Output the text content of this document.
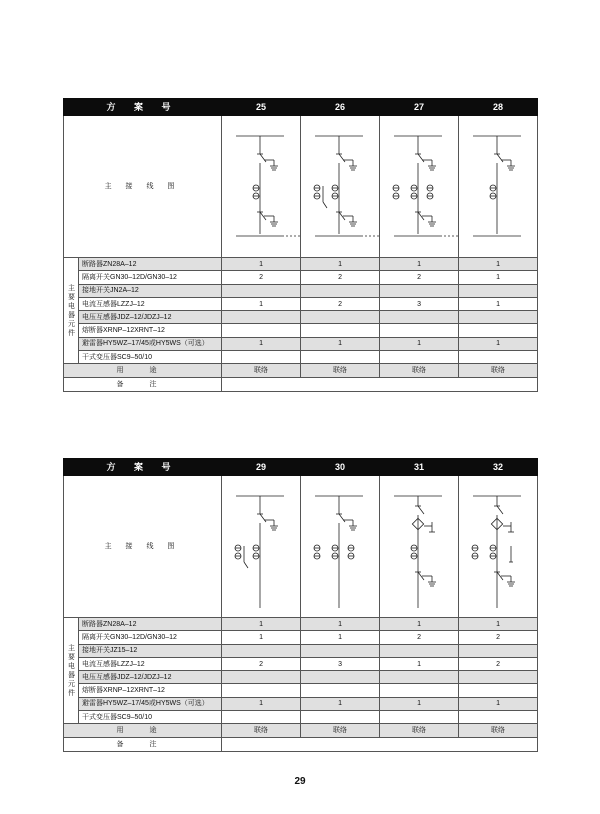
方 案 号		25	26	27	28
主 接 线 图	

主要电器元件	断路器ZN28A–12	1	1	1	1
	隔离开关GN30–12D/GN30–12	2	2	2	1
	接地开关JN2A–12				
	电流互感器LZZJ–12	1	2	3	1
	电压互感器JDZ–12/JDZJ–12				
	熔断器XRNP–12XRNT–12				
	避雷器HY5WZ–17/45或HY5WS（可选）	1	1	1	1
	干式变压器SC9–50/10				
用 途		联络	联络	联络	联络
备 注					
方 案 号		29	30	31	32
主 接 线 图	

主要电器元件	断路器ZN28A–12	1	1	1	1
	隔离开关GN30–12D/GN30–12	1	1	2	2
	接地开关JZ15–12				
	电流互感器LZZJ–12	2	3	1	2
	电压互感器JDZ–12/JDZJ–12				
	熔断器XRNP–12XRNT–12				
	避雷器HY5WZ–17/45或HY5WS（可选）	1	1	1	1
	干式变压器SC9–50/10				
用 途		联络	联络	联络	联络
备 注					
29
